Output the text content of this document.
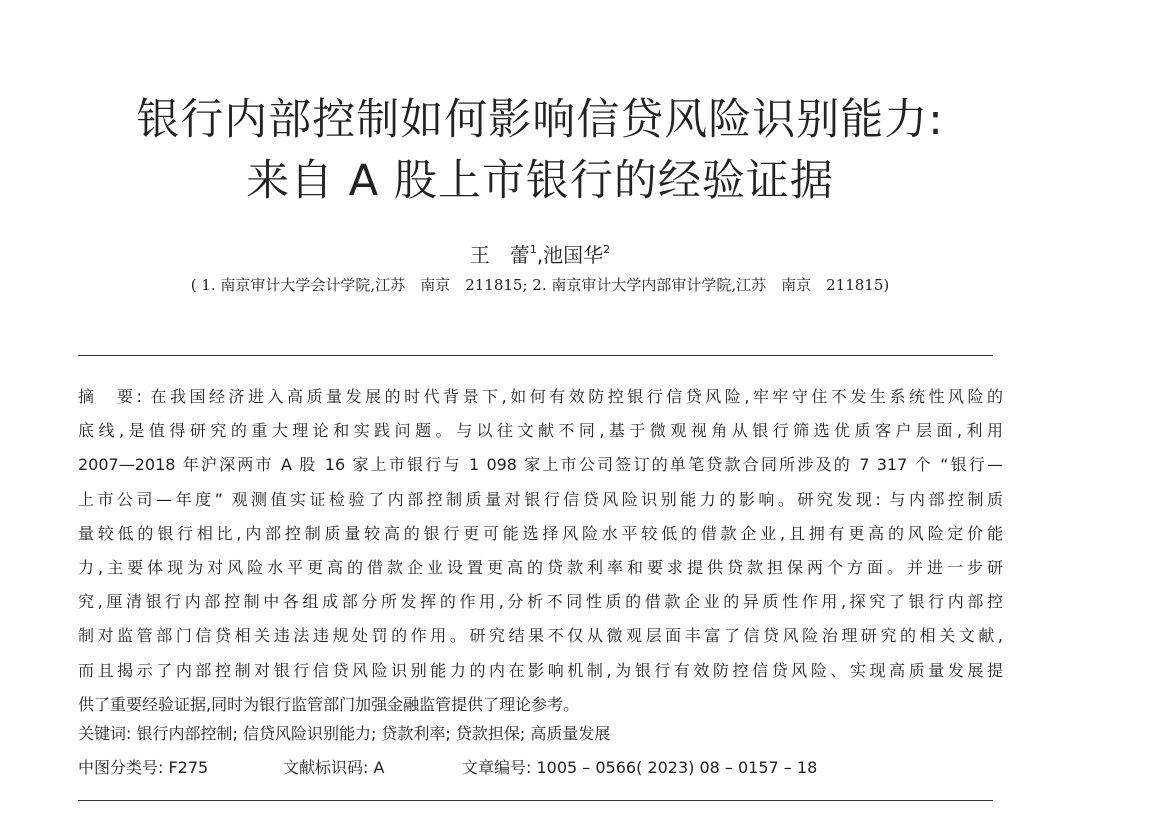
银行内部控制如何影响信贷风险识别能力:
来自 A 股上市银行的经验证据
王　蕾$^1$,池国华$^2$
( 1. 南京审计大学会计学院,江苏　南京　211815; 2. 南京审计大学内部审计学院,江苏　南京　211815)
摘　要: 在我国经济进入高质量发展的时代背景下,如何有效防控银行信贷风险,牢牢守住不发生系统性风险的
底线,是值得研究的重大理论和实践问题。与以往文献不同,基于微观视角从银行筛选优质客户层面,利用
2007—2018 年沪深两市 A 股 16 家上市银行与 1 098 家上市公司签订的单笔贷款合同所涉及的 7 317 个 “银行—
上市公司—年度” 观测值实证检验了内部控制质量对银行信贷风险识别能力的影响。研究发现: 与内部控制质
量较低的银行相比,内部控制质量较高的银行更可能选择风险水平较低的借款企业,且拥有更高的风险定价能
力,主要体现为对风险水平更高的借款企业设置更高的贷款利率和要求提供贷款担保两个方面。并进一步研
究,厘清银行内部控制中各组成部分所发挥的作用,分析不同性质的借款企业的异质性作用,探究了银行内部控
制对监管部门信贷相关违法违规处罚的作用。研究结果不仅从微观层面丰富了信贷风险治理研究的相关文献,
而且揭示了内部控制对银行信贷风险识别能力的内在影响机制,为银行有效防控信贷风险、实现高质量发展提
供了重要经验证据,同时为银行监管部门加强金融监管提供了理论参考。
关键词: 银行内部控制; 信贷风险识别能力; 贷款利率; 贷款担保; 高质量发展
中图分类号: F275	文献标识码: A	文章编号: 1005 – 0566( 2023) 08 – 0157 – 18
